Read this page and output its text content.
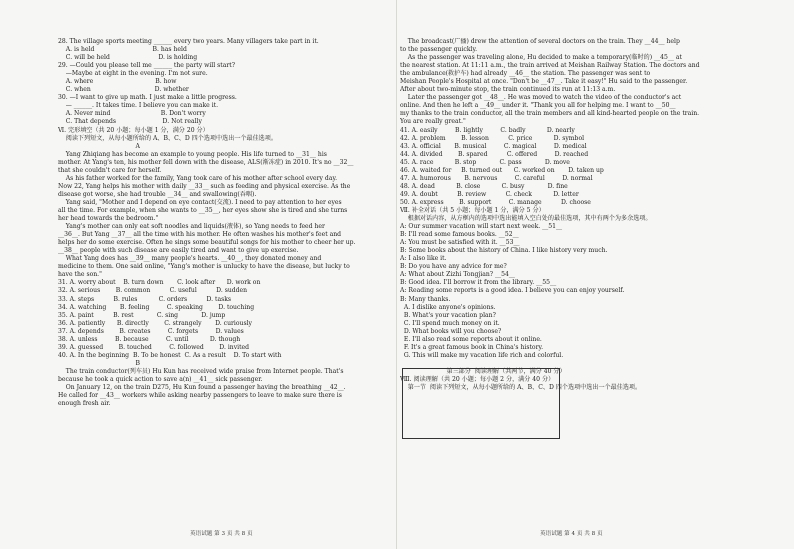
28. The village sports meeting ______ every two years. Many villagers take part in it.
A. is held                              B. has held
C. will be held                         D. is holding
29. —Could you please tell me ______ the party will start?
—Maybe at eight in the evening. I'm not sure.
A. where                                B. how
C. when                                 D. whether
30. —I want to give up math. I just make a little progress.
— ______. It takes time. I believe you can make it.
A. Never mind                          B. Don't worry
C. That depends                        D. Not really
Ⅵ. 完形填空（共 20 小题；每小题 1 分，满分 20 分）
阅读下列短文，从每小题所给的 A、B、C、D 四个选项中选出一个最佳选项。
A
Yang Zhiqiang has become an example to young people. His life turned to __31__ his
mother. At Yang's ten, his mother fell down with the disease, ALS(渐冻症) in 2010. It's no __32__
that she couldn't care for herself.
As his father worked for the family, Yang took care of his mother after school every day.
Now 22, Yang helps his mother with daily __33__ such as feeding and physical exercise. As the
disease got worse, she had trouble __34__ and swallowing(吞咽).
Yang said, "Mother and I depend on eye contact(交流). I need to pay attention to her eyes
all the time. For example, when she wants to __35__, her eyes show she is tired and she turns
her head towards the bedroom."
Yang's mother can only eat soft noodles and liquids(液体), so Yang needs to feed her
__36__. But Yang __37__ all the time with his mother. He often washes his mother's feet and
helps her do some exercise. Often he sings some beautiful songs for his mother to cheer her up.
__38__ people with such disease are easily tired and want to give up exercise.
What Yang does has __39__ many people's hearts. __40__, they donated money and
medicine to them. One said online, "Yang's mother is unlucky to have the disease, but lucky to
have the son."
31. A. worry about    B. turn down       C. look after      D. work on
32. A. serious        B. common          C. useful          D. sudden
33. A. steps          B. rules           C. orders          D. tasks
34. A. watching       B. feeling         C. speaking        D. touching
35. A. paint          B. rest            C. sing            D. jump
36. A. patiently      B. directly        C. strangely       D. curiously
37. A. depends        B. creates         C. forgets         D. values
38. A. unless         B. because         C. until           D. though
39. A. guessed        B. touched         C. followed        D. invited
40. A. In the beginning  B. To be honest  C. As a result    D. To start with
B
The train conductor(列车员) Hu Kun has received wide praise from Internet people. That's
because he took a quick action to save a(n) __41__ sick passenger.
On January 12, on the train D275, Hu Kun found a passenger having the breathing __42__.
He called for __43__ workers while asking nearby passengers to leave to make sure there is
enough fresh air.
The broadcast(广播) drew the attention of several doctors on the train. They __44__ help
to the passenger quickly.
As the passenger was traveling alone, Hu decided to make a temporary(临时的) __45__ at
the nearest station. At 11:11 a.m., the train arrived at Meishan Railway Station. The doctors and
the ambulance(救护车) had already __46__ the station. The passenger was sent to
Meishan People's Hospital at once. "Don't be __47__. Take it easy!" Hu said to the passenger.
After about two-minute stop, the train continued its run at 11:13 a.m.
Later the passenger got __48__. He was moved to watch the video of the conductor's act
online. And then he left a __49__ under it. "Thank you all for helping me. I want to __50__
my thanks to the train conductor, all the train members and all kind-hearted people on the train.
You are really great."
41. A. easily         B. lightly         C. badly           D. nearly
42. A. problem        B. lesson          C. price           D. symbol
43. A. official       B. musical         C. magical         D. medical
44. A. divided        B. spared          C. offered         D. reached
45. A. race           B. stop            C. pass            D. move
46. A. waited for     B. turned out      C. worked on       D. taken up
47. A. humorous       B. nervous         C. careful         D. normal
48. A. dead           B. close           C. busy            D. fine
49. A. doubt          B. review          C. check           D. letter
50. A. express        B. support         C. manage          D. choose
Ⅶ. 补全对话（共 5 小题；每小题 1 分，满分 5 分）
根据对话内容，从方框内的选项中选出能填入空白处的最佳选项，其中有两个为多余选项。
A: Our summer vacation will start next week. __51__
B: I'll read some famous books. __52__
A: You must be satisfied with it. __53__
B: Some books about the history of China. I like history very much.
A: I also like it.
B: Do you have any advice for me?
A: What about Zizhi Tongjian? __54__
B: Good idea. I'll borrow it from the library. __55__
A: Reading some reports is a good idea. I believe you can enjoy yourself.
B: Many thanks.
A. I dislike anyone's opinions.
B. What's your vacation plan?
C. I'll spend much money on it.
D. What books will you choose?
E. I'll also read some reports about it online.
F. It's a great famous book in China's history.
G. This will make my vacation life rich and colorful.
第三部分  阅读理解（共两节，满分 40 分）
Ⅷ. 阅读理解（共 20 小题；每小题 2 分，满分 40 分）
第一节  阅读下列短文，从每小题所给的 A、B、C、D 四个选项中选出一个最佳选项。
英语试题 第 3 页 共 8 页	英语试题 第 4 页 共 8 页
